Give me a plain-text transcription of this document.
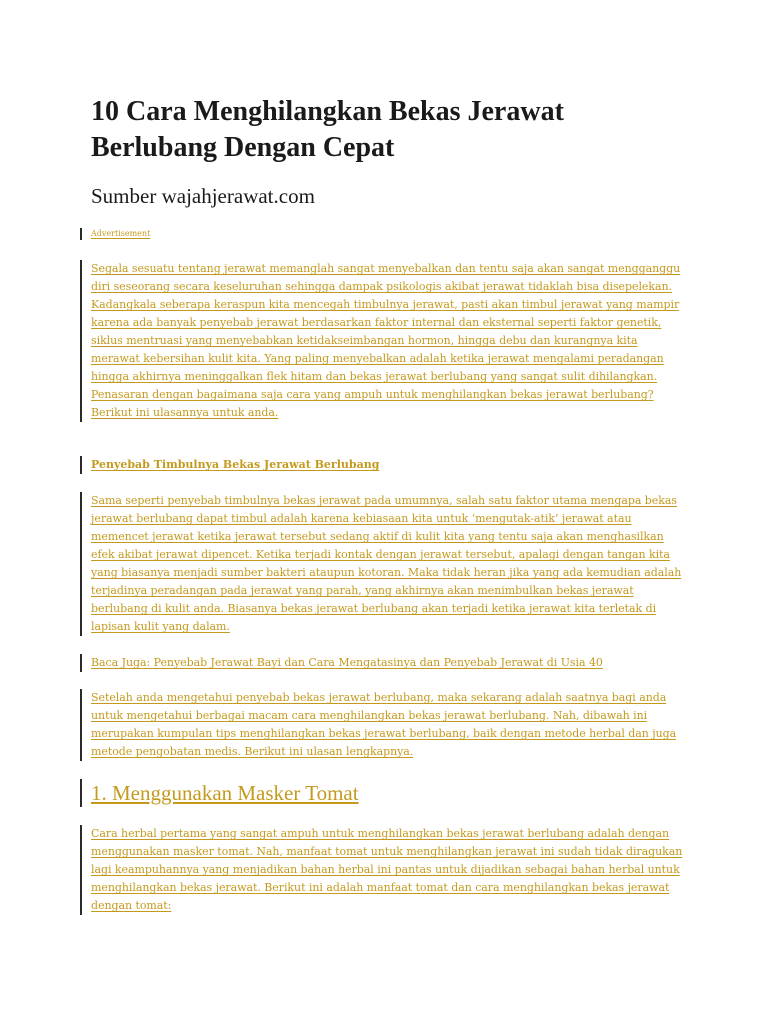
10 Cara Menghilangkan Bekas Jerawat Berlubang Dengan Cepat

Sumber wajahjerawat.com

Advertisement
Segala sesuatu tentang jerawat memanglah sangat menyebalkan dan tentu saja akan sangat mengganggu diri seseorang secara keseluruhan sehingga dampak psikologis akibat jerawat tidaklah bisa disepelekan. Kadangkala seberapa keraspun kita mencegah timbulnya jerawat, pasti akan timbul jerawat yang mampir karena ada banyak penyebab jerawat berdasarkan faktor internal dan eksternal seperti faktor genetik, siklus mentruasi yang menyebabkan ketidakseimbangan hormon, hingga debu dan kurangnya kita merawat kebersihan kulit kita. Yang paling menyebalkan adalah ketika jerawat mengalami peradangan hingga akhirnya meninggalkan flek hitam dan bekas jerawat berlubang yang sangat sulit dihilangkan. Penasaran dengan bagaimana saja cara yang ampuh untuk menghilangkan bekas jerawat berlubang? Berikut ini ulasannya untuk anda.
Penyebab Timbulnya Bekas Jerawat Berlubang
Sama seperti penyebab timbulnya bekas jerawat pada umumnya, salah satu faktor utama mengapa bekas jerawat berlubang dapat timbul adalah karena kebiasaan kita untuk ‘mengutak-atik’ jerawat atau memencet jerawat ketika jerawat tersebut sedang aktif di kulit kita yang tentu saja akan menghasilkan efek akibat jerawat dipencet. Ketika terjadi kontak dengan jerawat tersebut, apalagi dengan tangan kita yang biasanya menjadi sumber bakteri ataupun kotoran. Maka tidak heran jika yang ada kemudian adalah terjadinya peradangan pada jerawat yang parah, yang akhirnya akan menimbulkan bekas jerawat berlubang di kulit anda. Biasanya bekas jerawat berlubang akan terjadi ketika jerawat kita terletak di lapisan kulit yang dalam.
Baca Juga: Penyebab Jerawat Bayi dan Cara Mengatasinya dan Penyebab Jerawat di Usia 40
Setelah anda mengetahui penyebab bekas jerawat berlubang, maka sekarang adalah saatnya bagi anda untuk mengetahui berbagai macam cara menghilangkan bekas jerawat berlubang. Nah, dibawah ini merupakan kumpulan tips menghilangkan bekas jerawat berlubang, baik dengan metode herbal dan juga metode pengobatan medis. Berikut ini ulasan lengkapnya.
1. Menggunakan Masker Tomat
Cara herbal pertama yang sangat ampuh untuk menghilangkan bekas jerawat berlubang adalah dengan menggunakan masker tomat. Nah, manfaat tomat untuk menghilangkan jerawat ini sudah tidak diragukan lagi keampuhannya yang menjadikan bahan herbal ini pantas untuk dijadikan sebagai bahan herbal untuk menghilangkan bekas jerawat. Berikut ini adalah manfaat tomat dan cara menghilangkan bekas jerawat dengan tomat:
